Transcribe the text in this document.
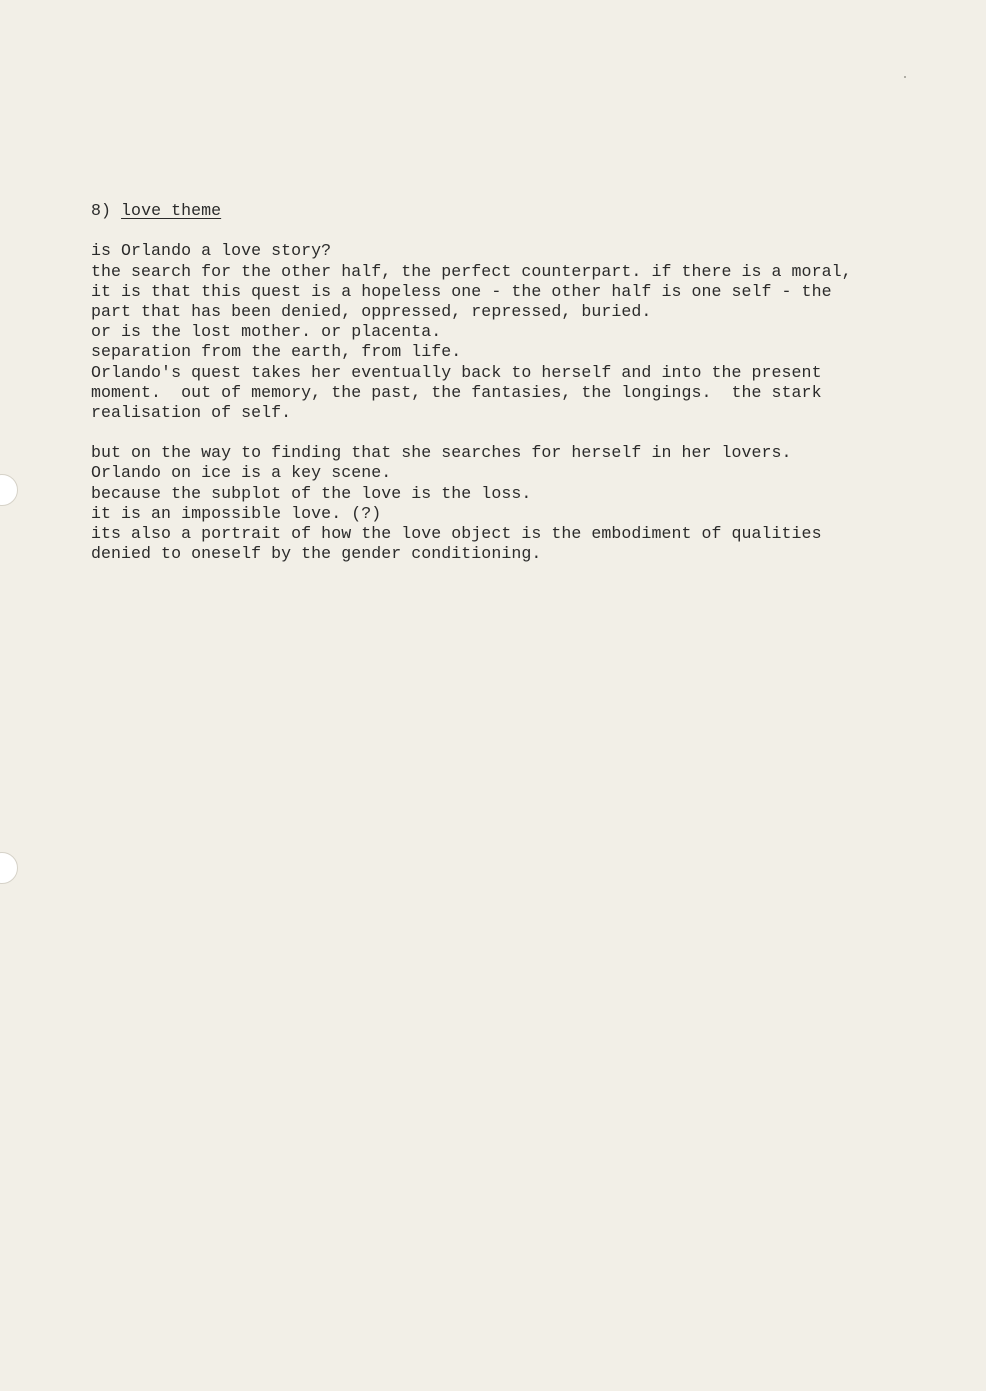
8) love theme
is Orlando a love story?
the search for the other half, the perfect counterpart. if there is a moral,
it is that this quest is a hopeless one - the other half is one self - the
part that has been denied, oppressed, repressed, buried.
or is the lost mother. or placenta.
separation from the earth, from life.
Orlando's quest takes her eventually back to herself and into the present
moment.  out of memory, the past, the fantasies, the longings.  the stark
realisation of self.
but on the way to finding that she searches for herself in her lovers.
Orlando on ice is a key scene.
because the subplot of the love is the loss.
it is an impossible love. (?)
its also a portrait of how the love object is the embodiment of qualities
denied to oneself by the gender conditioning.
